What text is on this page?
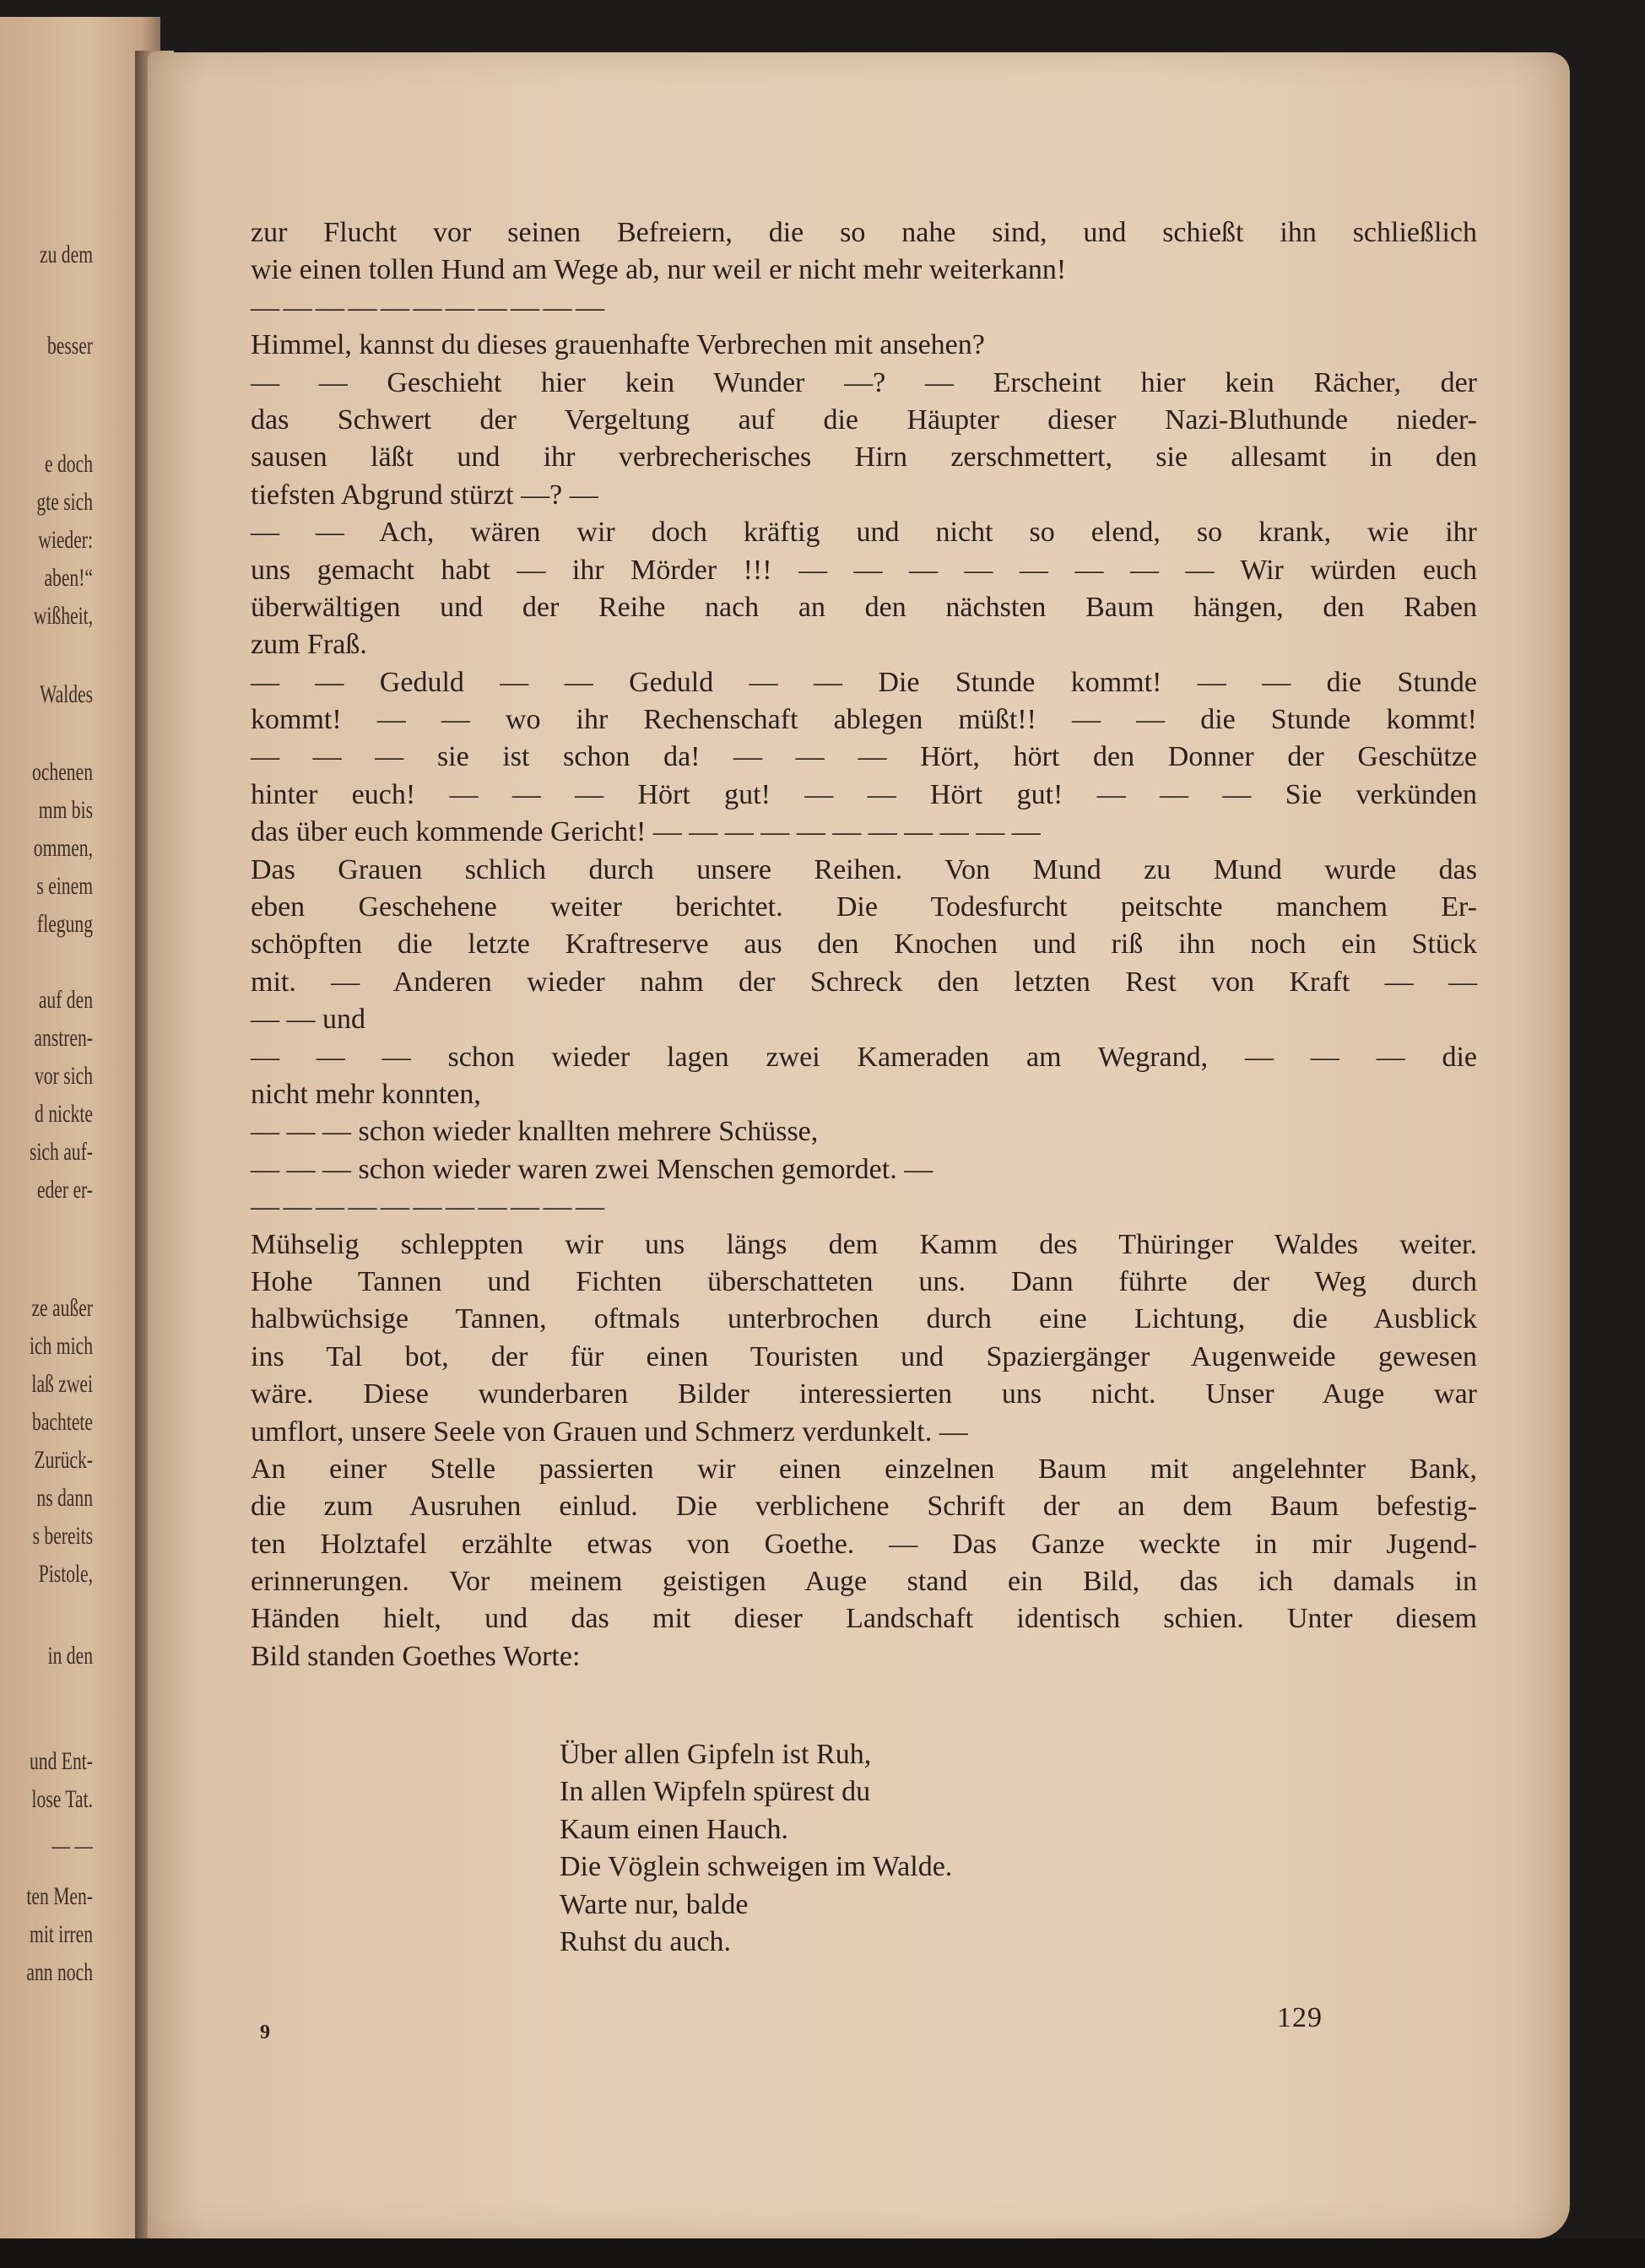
zu dem
besser
e doch
gte sich
wieder:
aben!“
wißheit,
Waldes
ochenen
mm bis
ommen,
s einem
flegung
auf den
anstren-
vor sich
d nickte
sich auf-
eder er-
ze außer
ich mich
laß zwei
bachtete
Zurück-
ns dann
s bereits
Pistole,
in den
und Ent-
lose Tat.
— —
ten Men-
mit irren
ann noch
zur Flucht vor seinen Befreiern, die so nahe sind, und schießt ihn schließlich
wie einen tollen Hund am Wege ab, nur weil er nicht mehr weiterkann!
— — — — — — — — — — —
Himmel, kannst du dieses grauenhafte Verbrechen mit ansehen?
— — Geschieht hier kein Wunder —? — Erscheint hier kein Rächer, der
das Schwert der Vergeltung auf die Häupter dieser Nazi-Bluthunde nieder-
sausen läßt und ihr verbrecherisches Hirn zerschmettert, sie allesamt in den
tiefsten Abgrund stürzt —? —
— — Ach, wären wir doch kräftig und nicht so elend, so krank, wie ihr
uns gemacht habt — ihr Mörder !!! — — — — — — — — Wir würden euch
überwältigen und der Reihe nach an den nächsten Baum hängen, den Raben
zum Fraß.
— — Geduld — — Geduld — — Die Stunde kommt! — — die Stunde
kommt! — — wo ihr Rechenschaft ablegen müßt!! — — die Stunde kommt!
— — — sie ist schon da! — — — Hört, hört den Donner der Geschütze
hinter euch! — — — Hört gut! — — Hört gut! — — — Sie verkünden
das über euch kommende Gericht! — — — — — — — — — — —
Das Grauen schlich durch unsere Reihen. Von Mund zu Mund wurde das
eben Geschehene weiter berichtet. Die Todesfurcht peitschte manchem Er-
schöpften die letzte Kraftreserve aus den Knochen und riß ihn noch ein Stück
mit. — Anderen wieder nahm der Schreck den letzten Rest von Kraft — —
— — und
— — — schon wieder lagen zwei Kameraden am Wegrand, — — — die
nicht mehr konnten,
— — — schon wieder knallten mehrere Schüsse,
— — — schon wieder waren zwei Menschen gemordet. —
— — — — — — — — — — —
Mühselig schleppten wir uns längs dem Kamm des Thüringer Waldes weiter.
Hohe Tannen und Fichten überschatteten uns. Dann führte der Weg durch
halbwüchsige Tannen, oftmals unterbrochen durch eine Lichtung, die Ausblick
ins Tal bot, der für einen Touristen und Spaziergänger Augenweide gewesen
wäre. Diese wunderbaren Bilder interessierten uns nicht. Unser Auge war
umflort, unsere Seele von Grauen und Schmerz verdunkelt. —
An einer Stelle passierten wir einen einzelnen Baum mit angelehnter Bank,
die zum Ausruhen einlud. Die verblichene Schrift der an dem Baum befestig-
ten Holztafel erzählte etwas von Goethe. — Das Ganze weckte in mir Jugend-
erinnerungen. Vor meinem geistigen Auge stand ein Bild, das ich damals in
Händen hielt, und das mit dieser Landschaft identisch schien. Unter diesem
Bild standen Goethes Worte:
Über allen Gipfeln ist Ruh,
In allen Wipfeln spürest du
Kaum einen Hauch.
Die Vöglein schweigen im Walde.
Warte nur, balde
Ruhst du auch.
9	129
